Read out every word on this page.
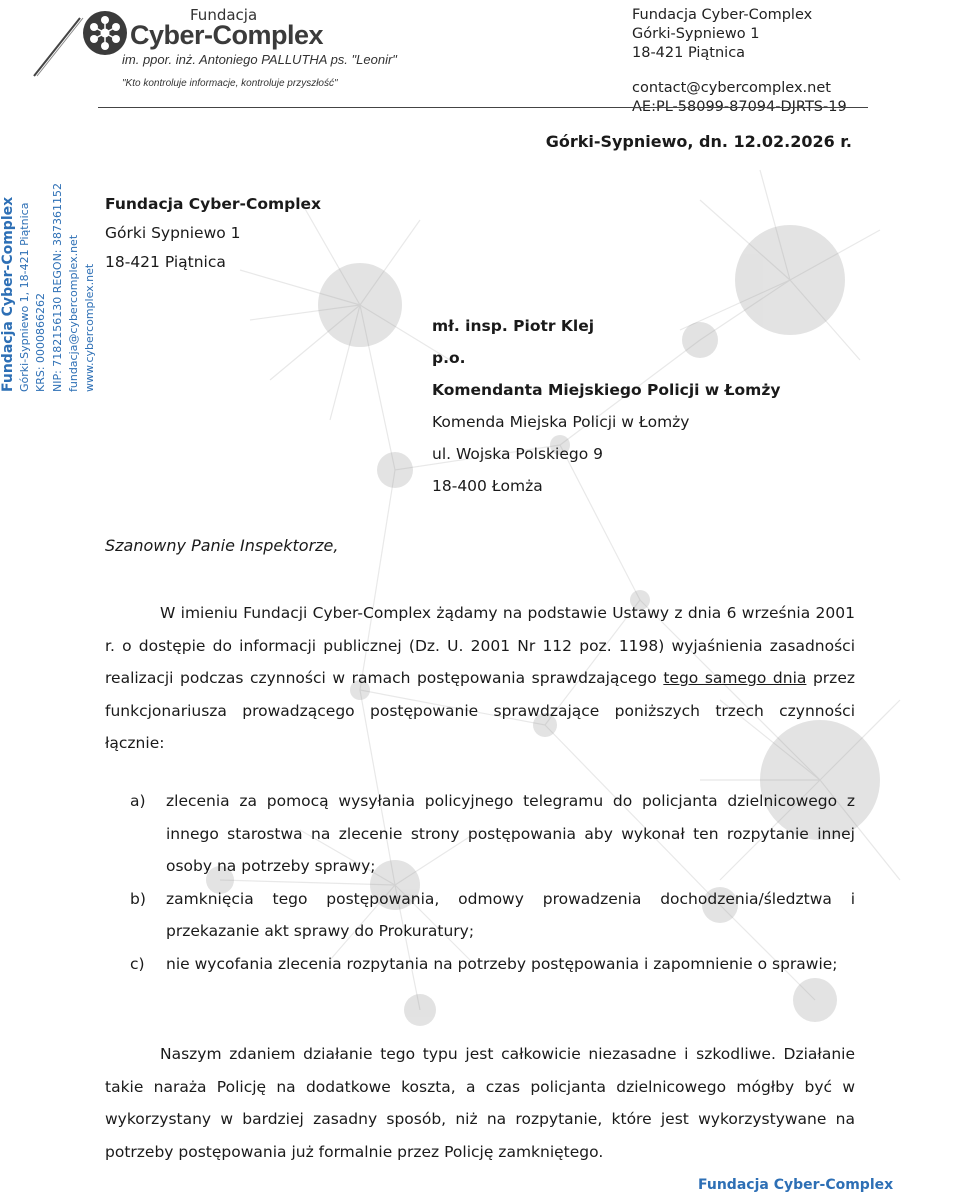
Fundacja
Cyber-Complex
im. ppor. inż. Antoniego PALLUTHA ps. "Leonir"
"Kto kontroluje informacje, kontroluje przyszłość"
Fundacja Cyber-Complex
Górki-Sypniewo 1
18-421 Piątnica
contact@cybercomplex.net
AE:PL-58099-87094-DJRTS-19
Fundacja Cyber-Complex Górki-Sypniewo 1, 18-421 Piątnica KRS: 0000866262 NIP: 7182156130 REGON: 387361152 fundacja@cybercomplex.net www.cybercomplex.net
Górki-Sypniewo, dn. 12.02.2026 r.
Fundacja Cyber-Complex
Górki Sypniewo 1
18-421 Piątnica
mł. insp. Piotr Klej
p.o.
Komendanta Miejskiego Policji w Łomży
Komenda Miejska Policji w Łomży
ul. Wojska Polskiego 9
18-400 Łomża
Szanowny Panie Inspektorze,
W imieniu Fundacji Cyber-Complex żądamy na podstawie Ustawy z dnia 6 września 2001 r. o dostępie do informacji publicznej (Dz. U. 2001 Nr 112 poz. 1198) wyjaśnienia zasadności realizacji podczas czynności w ramach postępowania sprawdzającego tego samego dnia przez funkcjonariusza prowadzącego postępowanie sprawdzające poniższych trzech czynności łącznie:
a)	zlecenia za pomocą wysyłania policyjnego telegramu do policjanta dzielnicowego z innego starostwa na zlecenie strony postępowania aby wykonał ten rozpytanie innej osoby na potrzeby sprawy;
b)	zamknięcia tego postępowania, odmowy prowadzenia dochodzenia/śledztwa i przekazanie akt sprawy do Prokuratury;
c)	nie wycofania zlecenia rozpytania na potrzeby postępowania i zapomnienie o sprawie;
Naszym zdaniem działanie tego typu jest całkowicie niezasadne i szkodliwe. Działanie takie naraża Policję na dodatkowe koszta, a czas policjanta dzielnicowego mógłby być w wykorzystany w bardziej zasadny sposób, niż na rozpytanie, które jest wykorzystywane na potrzeby postępowania już formalnie przez Policję zamkniętego.
Fundacja Cyber-Complex
